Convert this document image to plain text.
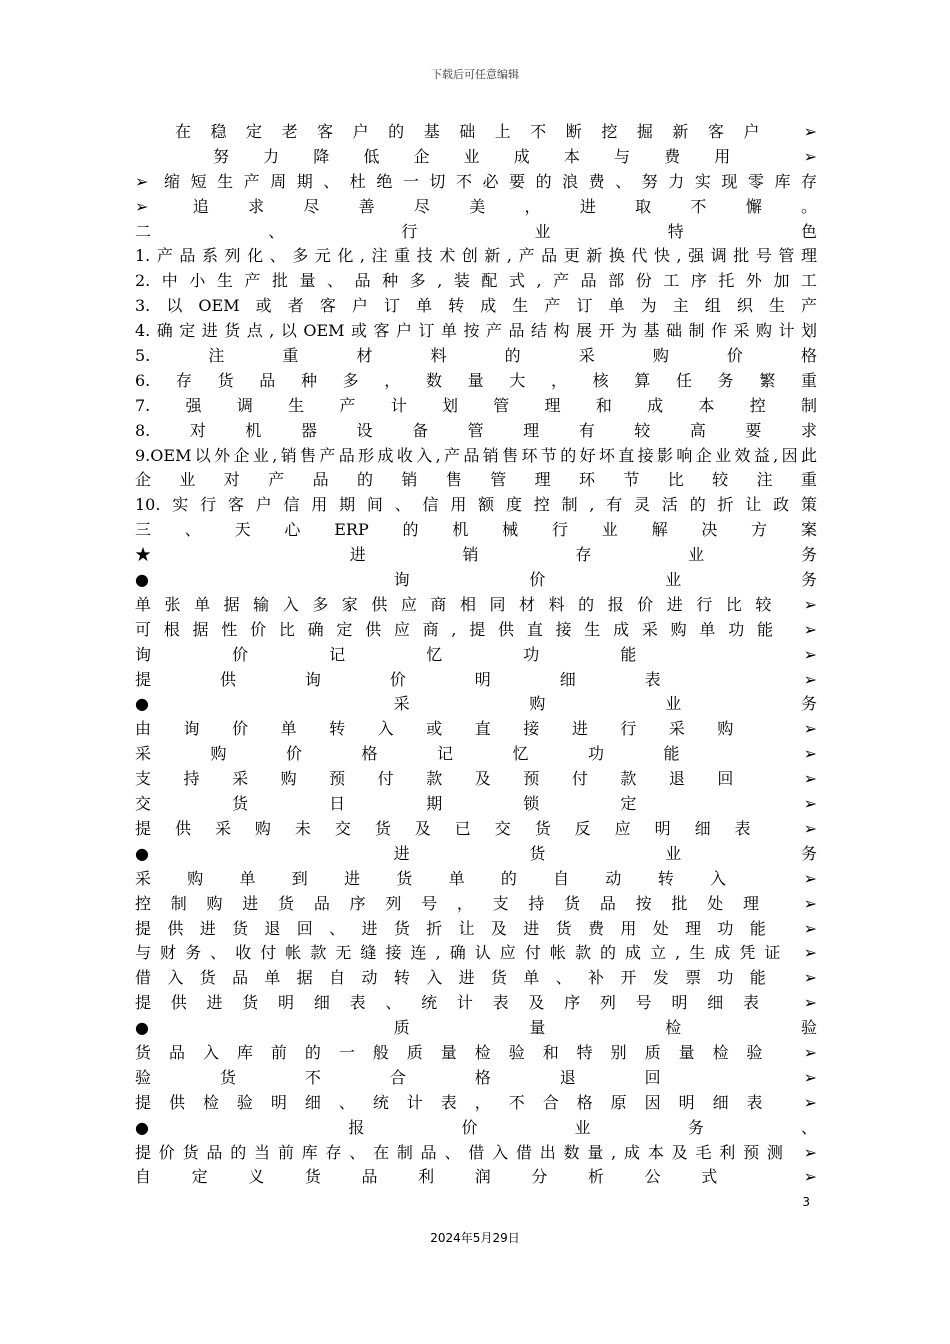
下载后可任意编辑
在稳定老客户的基础上不断挖掘新客户 ➢
努力降低企业成本与费用 ➢
➢ 缩短生产周期、杜绝一切不必要的浪费、努力实现零库存
➢ 追求尽善尽美，进取不懈。
二、行业特色
1.产品系列化、多元化,注重技术创新,产品更新换代快,强调批号管理
2.中小生产批量、品种多,装配式,产品部份工序托外加工
3.以OEM或者客户订单转成生产订单为主组织生产
4.确定进货点,以OEM或客户订单按产品结构展开为基础制作采购计划
5.注重材料的采购价格
6.存货品种多，数量大，核算任务繁重
7.强调生产计划管理和成本控制
8.对机器设备管理有较高要求
9.OEM以外企业,销售产品形成收入,产品销售环节的好坏直接影响企业效益,因此
企业对产品的销售管理环节比较注重
10.实行客户信用期间、信用额度控制,有灵活的折让政策
三、天心ERP的机械行业解决方案
★ 进销存业务
● 询价业务
单张单据输入多家供应商相同材料的报价进行比较 ➢
可根据性价比确定供应商,提供直接生成采购单功能 ➢
询价记忆功能 ➢
提供询价明细表 ➢
● 采购业务
由询价单转入或直接进行采购 ➢
采购价格记忆功能 ➢
支持采购预付款及预付款退回 ➢
交货日期锁定 ➢
提供采购未交货及已交货反应明细表 ➢
● 进货业务
采购单到进货单的自动转入 ➢
控制购进货品序列号，支持货品按批处理 ➢
提供进货退回、进货折让及进货费用处理功能 ➢
与财务、收付帐款无缝接连,确认应付帐款的成立,生成凭证 ➢
借入货品单据自动转入进货单、补开发票功能 ➢
提供进货明细表、统计表及序列号明细表 ➢
● 质量检验
货品入库前的一般质量检验和特别质量检验 ➢
验货不合格退回 ➢
提供检验明细、统计表，不合格原因明细表 ➢
● 报价业务、
提价货品的当前库存、在制品、借入借出数量,成本及毛利预测 ➢
自定义货品利润分析公式 ➢
3
2024年5月29日
